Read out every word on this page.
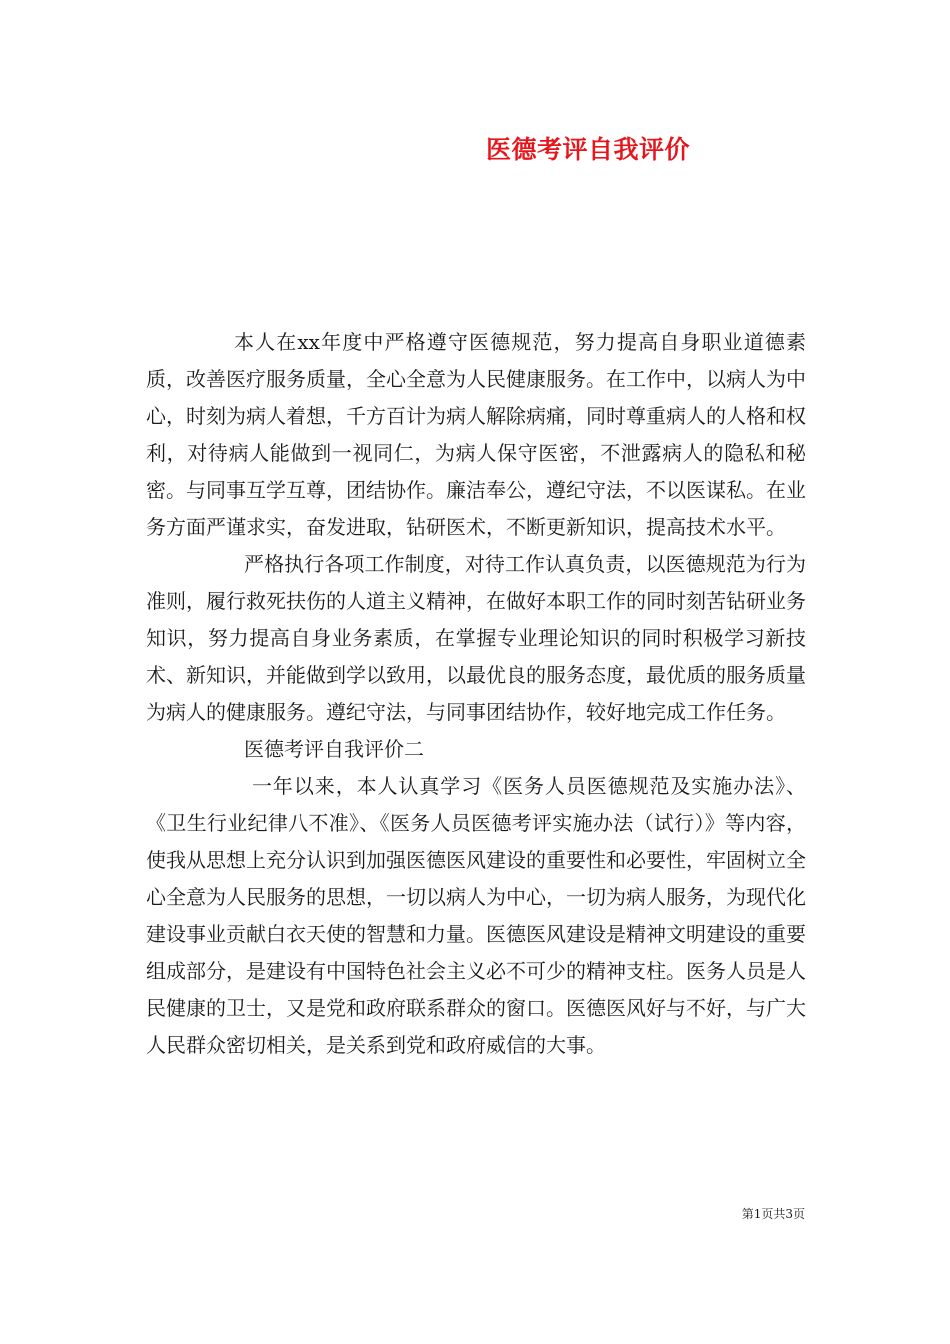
医德考评自我评价

本人在xx年度中严格遵守医德规范，努力提高自身职业道德素质，改善医疗服务质量，全心全意为人民健康服务。在工作中，以病人为中心，时刻为病人着想，千方百计为病人解除病痛，同时尊重病人的人格和权利，对待病人能做到一视同仁，为病人保守医密，不泄露病人的隐私和秘密。与同事互学互尊，团结协作。廉洁奉公，遵纪守法，不以医谋私。在业务方面严谨求实，奋发进取，钻研医术，不断更新知识，提高技术水平。

严格执行各项工作制度，对待工作认真负责，以医德规范为行为准则，履行救死扶伤的人道主义精神，在做好本职工作的同时刻苦钻研业务知识，努力提高自身业务素质，在掌握专业理论知识的同时积极学习新技术、新知识，并能做到学以致用，以最优良的服务态度，最优质的服务质量为病人的健康服务。遵纪守法，与同事团结协作，较好地完成工作任务。

医德考评自我评价二

一年以来，本人认真学习《医务人员医德规范及实施办法》、《卫生行业纪律八不准》、《医务人员医德考评实施办法（试行）》等内容，使我从思想上充分认识到加强医德医风建设的重要性和必要性，牢固树立全心全意为人民服务的思想，一切以病人为中心，一切为病人服务，为现代化建设事业贡献白衣天使的智慧和力量。医德医风建设是精神文明建设的重要组成部分，是建设有中国特色社会主义必不可少的精神支柱。医务人员是人民健康的卫士，又是党和政府联系群众的窗口。医德医风好与不好，与广大人民群众密切相关，是关系到党和政府威信的大事。

第1页共3页
